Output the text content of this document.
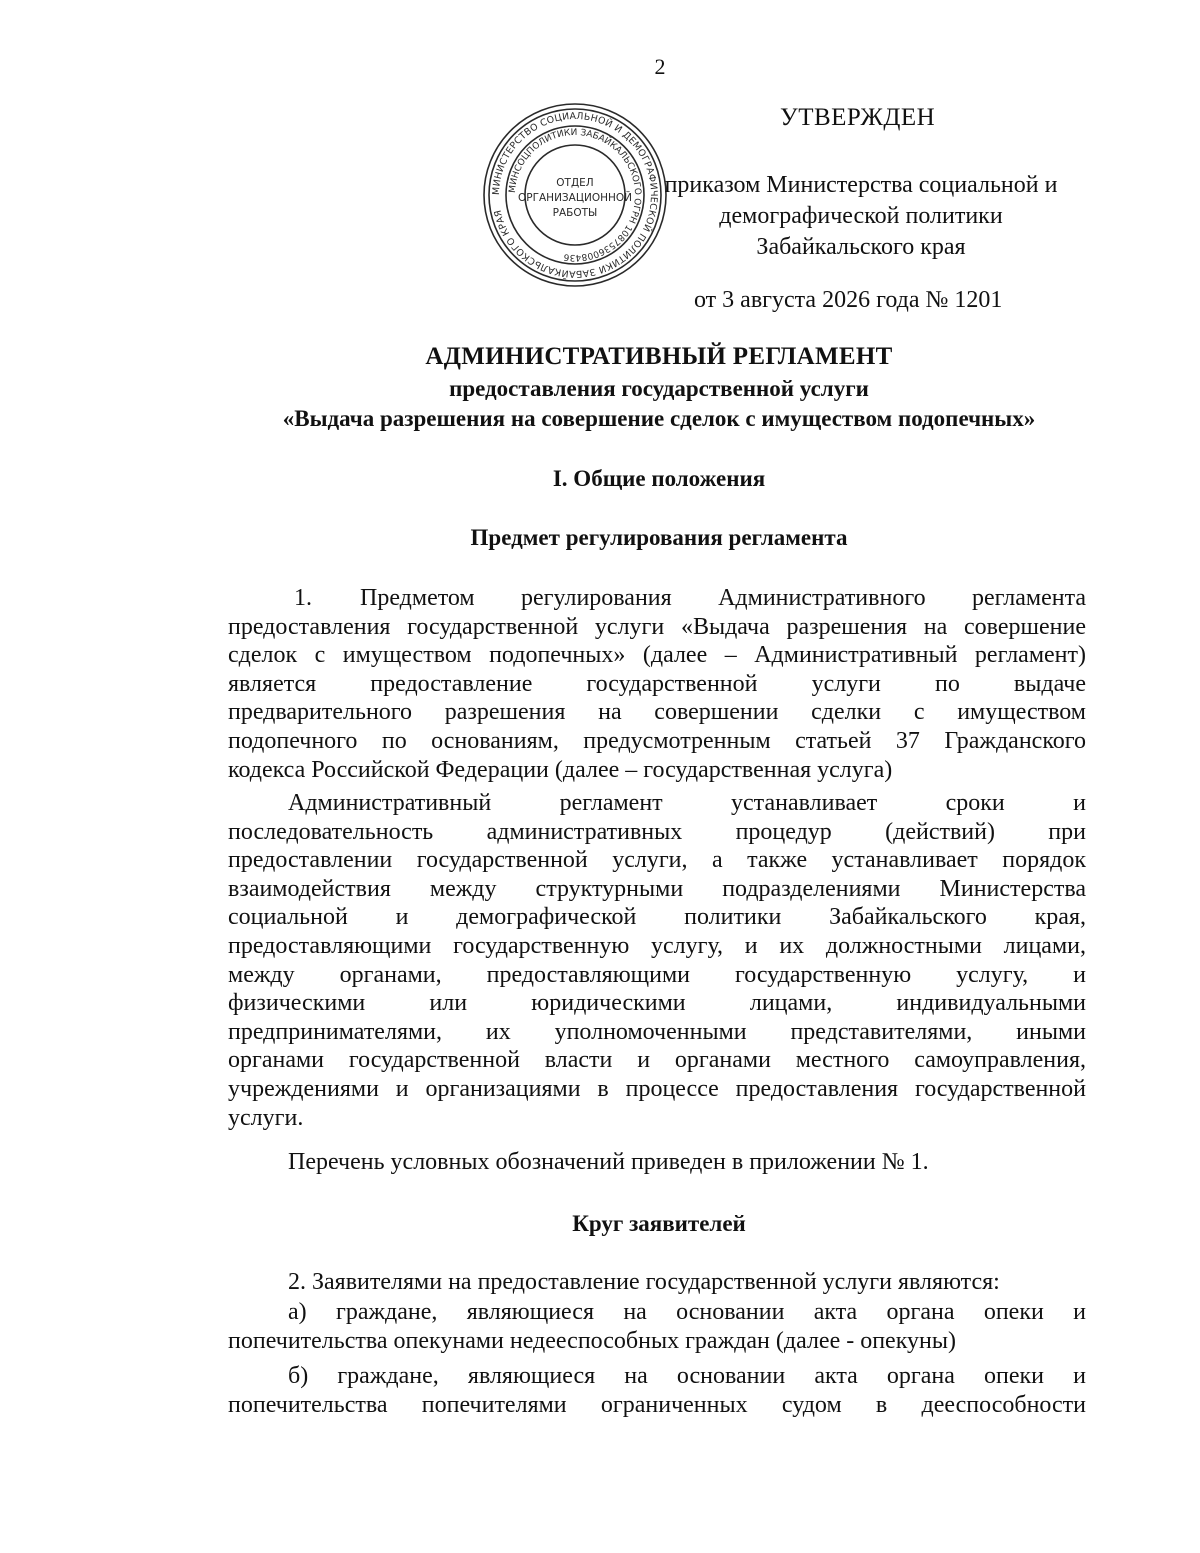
2
МИНИСТЕРСТВО СОЦИАЛЬНОЙ И ДЕМОГРАФИЧЕСКОЙ ПОЛИТИКИ ЗАБАЙКАЛЬСКОГО КРАЯ
МИНСОЦПОЛИТИКИ ЗАБАЙКАЛЬСКОГО ОГРН 1087536008436
ОТДЕЛ
ОРГАНИЗАЦИОННОЙ
РАБОТЫ
УТВЕРЖДЕН
приказом Министерства социальной и
демографической политики
Забайкальского края
от 3 августа 2026 года № 1201
АДМИНИСТРАТИВНЫЙ РЕГЛАМЕНТ
предоставления государственной услуги
«Выдача разрешения на совершение сделок с имуществом подопечных»
I. Общие положения
Предмет регулирования регламента
1.	Предметом регулирования Административного регламента
предоставления государственной услуги «Выдача разрешения на совершение
сделок с имуществом подопечных» (далее – Административный регламент)
является предоставление государственной услуги по выдаче
предварительного разрешения на совершении сделки с имуществом
подопечного по основаниям, предусмотренным статьей 37 Гражданского
кодекса Российской Федерации (далее – государственная услуга)
Административный регламент устанавливает сроки и
последовательность административных процедур (действий) при
предоставлении государственной услуги, а также устанавливает порядок
взаимодействия между структурными подразделениями Министерства
социальной и демографической политики Забайкальского края,
предоставляющими государственную услугу, и их должностными лицами,
между органами, предоставляющими государственную услугу, и
физическими или юридическими лицами, индивидуальными
предпринимателями, их уполномоченными представителями, иными
органами государственной власти и органами местного самоуправления,
учреждениями и организациями в процессе предоставления государственной
услуги.
Перечень условных обозначений приведен в приложении № 1.
Круг заявителей
2. Заявителями на предоставление государственной услуги являются:
а) граждане, являющиеся на основании акта органа опеки и
попечительства опекунами недееспособных граждан (далее - опекуны)
б) граждане, являющиеся на основании акта органа опеки и
попечительства попечителями ограниченных судом в дееспособности
